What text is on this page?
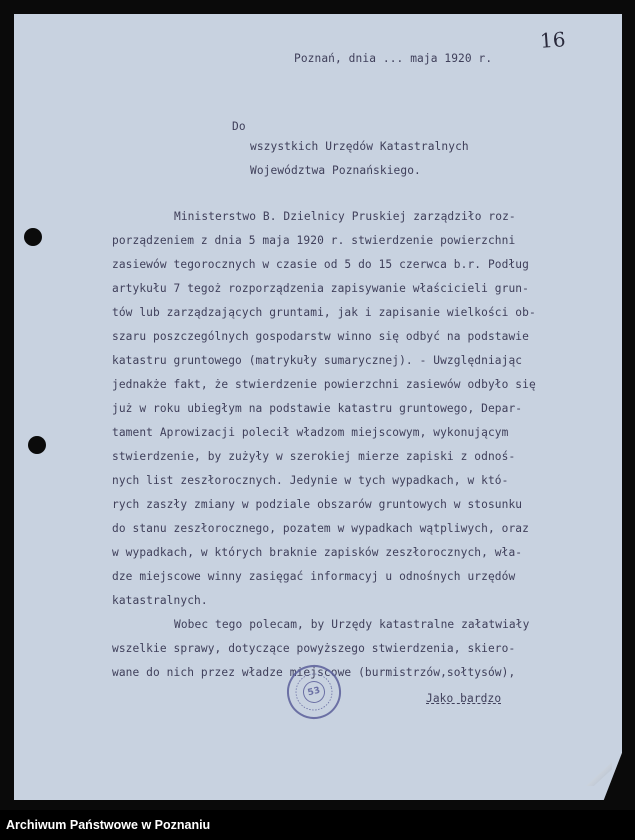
16
Poznań, dnia ... maja 1920 r.
Do
wszystkich Urzędów Katastralnych
Województwa Poznańskiego.
Ministerstwo B. Dzielnicy Pruskiej zarządziło roz-
porządzeniem z dnia 5 maja 1920 r. stwierdzenie powierzchni
zasiewów tegorocznych w czasie od 5 do 15 czerwca b.r. Podług
artykułu 7 tegoż rozporządzenia zapisywanie właścicieli grun-
tów lub zarządzających gruntami, jak i zapisanie wielkości ob-
szaru poszczególnych gospodarstw winno się odbyć na podstawie
katastru gruntowego (matrykuły sumarycznej). - Uwzględniając
jednakże fakt, że stwierdzenie powierzchni zasiewów odbyło się
już w roku ubiegłym na podstawie katastru gruntowego, Depar-
tament Aprowizacji polecił władzom miejscowym, wykonującym
stwierdzenie, by zużyły w szerokiej mierze zapiski z odnoś-
nych list zeszłorocznych. Jedynie w tych wypadkach, w któ-
rych zaszły zmiany w podziale obszarów gruntowych w stosunku
do stanu zeszłorocznego, pozatem w wypadkach wątpliwych, oraz
w wypadkach, w których braknie zapisków zeszłorocznych, wła-
dze miejscowe winny zasięgać informacyj u odnośnych urzędów
katastralnych.
Wobec tego polecam, by Urzędy katastralne załatwiały
wszelkie sprawy, dotyczące powyższego stwierdzenia, skiero-
wane do nich przez władze miejscowe (burmistrzów,sołtysów),
Jako bardzo
53
Archiwum Państwowe w Poznaniu
